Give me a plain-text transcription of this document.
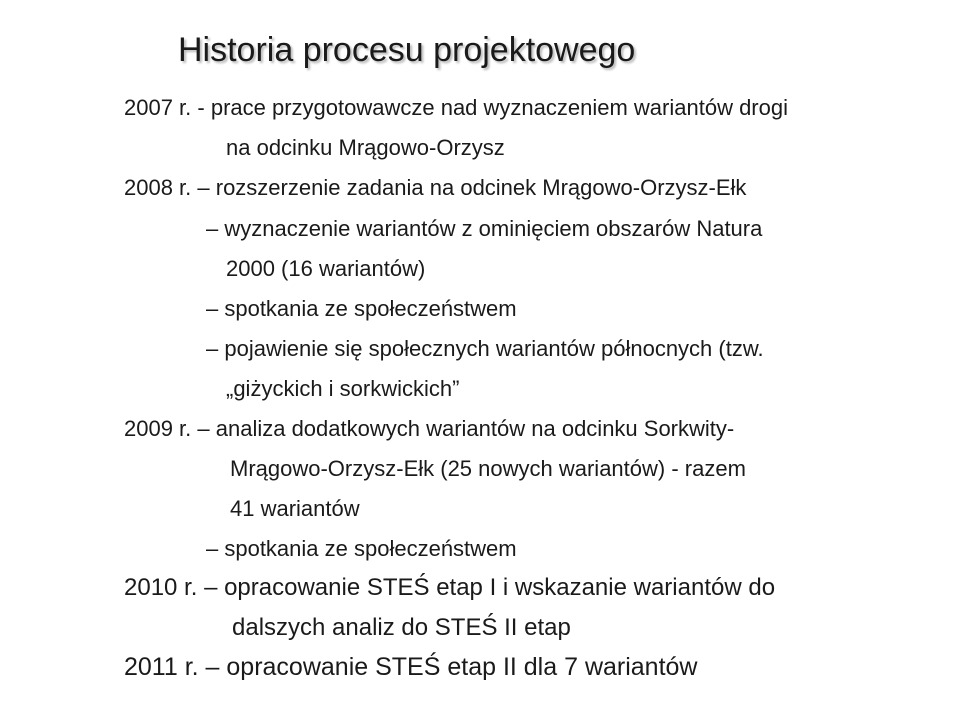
Historia procesu projektowego

2007 r. - prace przygotowawcze nad wyznaczeniem wariantów drogi

na odcinku Mrągowo-Orzysz

2008 r. – rozszerzenie zadania na odcinek Mrągowo-Orzysz-Ełk

– wyznaczenie wariantów z ominięciem obszarów Natura

2000 (16 wariantów)

– spotkania ze społeczeństwem

– pojawienie się społecznych wariantów północnych (tzw.

„giżyckich i sorkwickich”

2009 r. – analiza dodatkowych wariantów na odcinku Sorkwity-

Mrągowo-Orzysz-Ełk (25 nowych wariantów) - razem

41 wariantów

– spotkania ze społeczeństwem

2010 r. – opracowanie STEŚ etap I i wskazanie wariantów do

dalszych analiz do STEŚ II etap

2011 r. – opracowanie STEŚ etap II dla 7 wariantów
